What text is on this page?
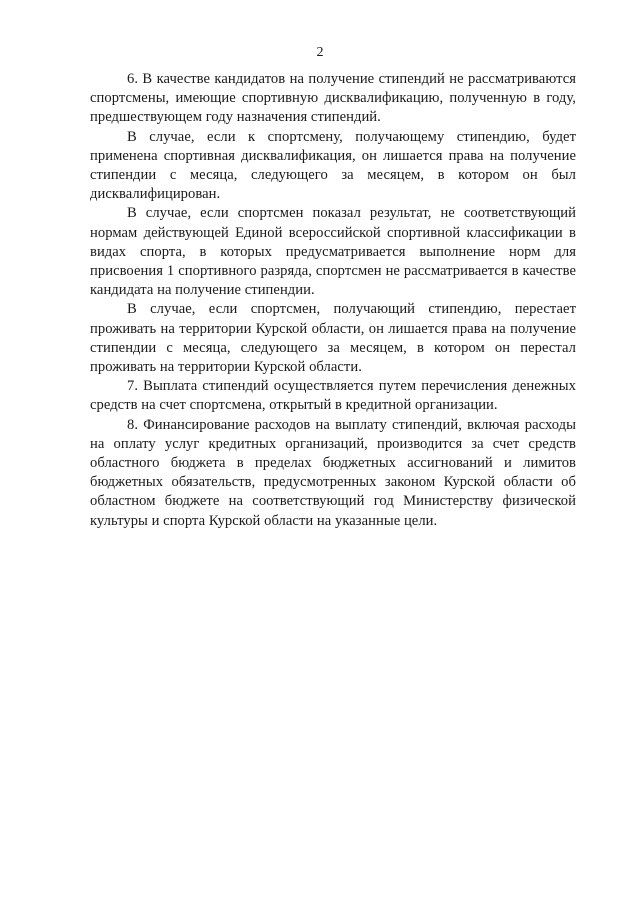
2

6. В качестве кандидатов на получение стипендий не рассматриваются спортсмены, имеющие спортивную дисквалификацию, полученную в году, предшествующем году назначения стипендий.

В случае, если к спортсмену, получающему стипендию, будет применена спортивная дисквалификация, он лишается права на получение стипендии с месяца, следующего за месяцем, в котором он был дисквалифицирован.

В случае, если спортсмен показал результат, не соответствующий нормам действующей Единой всероссийской спортивной классификации в видах спорта, в которых предусматривается выполнение норм для присвоения 1 спортивного разряда, спортсмен не рассматривается в качестве кандидата на получение стипендии.

В случае, если спортсмен, получающий стипендию, перестает проживать на территории Курской области, он лишается права на получение стипендии с месяца, следующего за месяцем, в котором он перестал проживать на территории Курской области.

7. Выплата стипендий осуществляется путем перечисления денежных средств на счет спортсмена, открытый в кредитной организации.

8. Финансирование расходов на выплату стипендий, включая расходы на оплату услуг кредитных организаций, производится за счет средств областного бюджета в пределах бюджетных ассигнований и лимитов бюджетных обязательств, предусмотренных законом Курской области об областном бюджете на соответствующий год Министерству физической культуры и спорта Курской области на указанные цели.
